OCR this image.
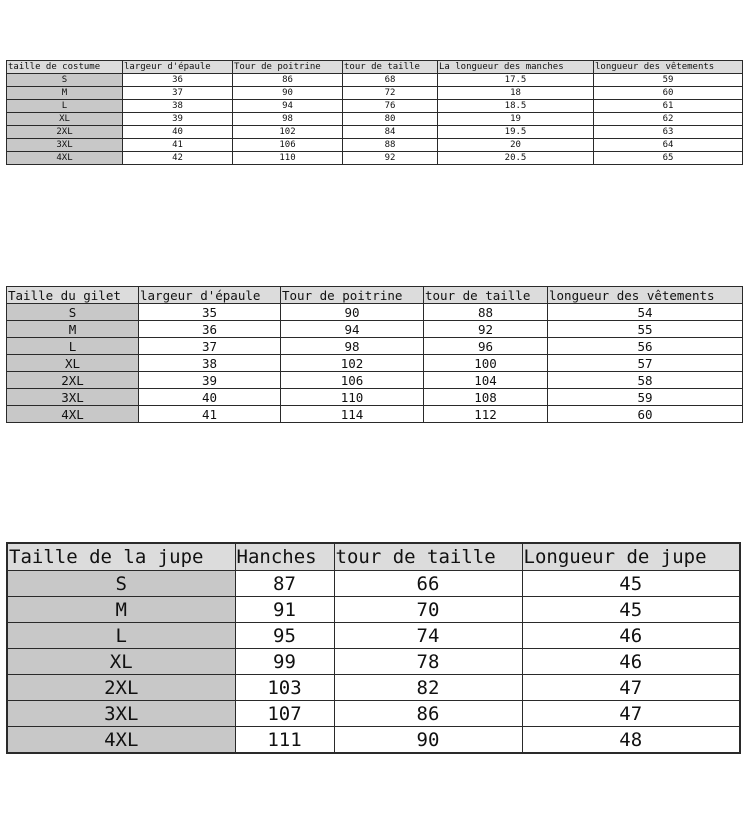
taille de costume	largeur d'épaule	Tour de poitrine	tour de taille	La longueur des manches	longueur des vêtements
S	36	86	68	17.5	59
M	37	90	72	18	60
L	38	94	76	18.5	61
XL	39	98	80	19	62
2XL	40	102	84	19.5	63
3XL	41	106	88	20	64
4XL	42	110	92	20.5	65
Taille du gilet	largeur d'épaule	Tour de poitrine	tour de taille	longueur des vêtements
S	35	90	88	54
M	36	94	92	55
L	37	98	96	56
XL	38	102	100	57
2XL	39	106	104	58
3XL	40	110	108	59
4XL	41	114	112	60
Taille de la jupe	Hanches	tour de taille	Longueur de jupe
S	87	66	45
M	91	70	45
L	95	74	46
XL	99	78	46
2XL	103	82	47
3XL	107	86	47
4XL	111	90	48
